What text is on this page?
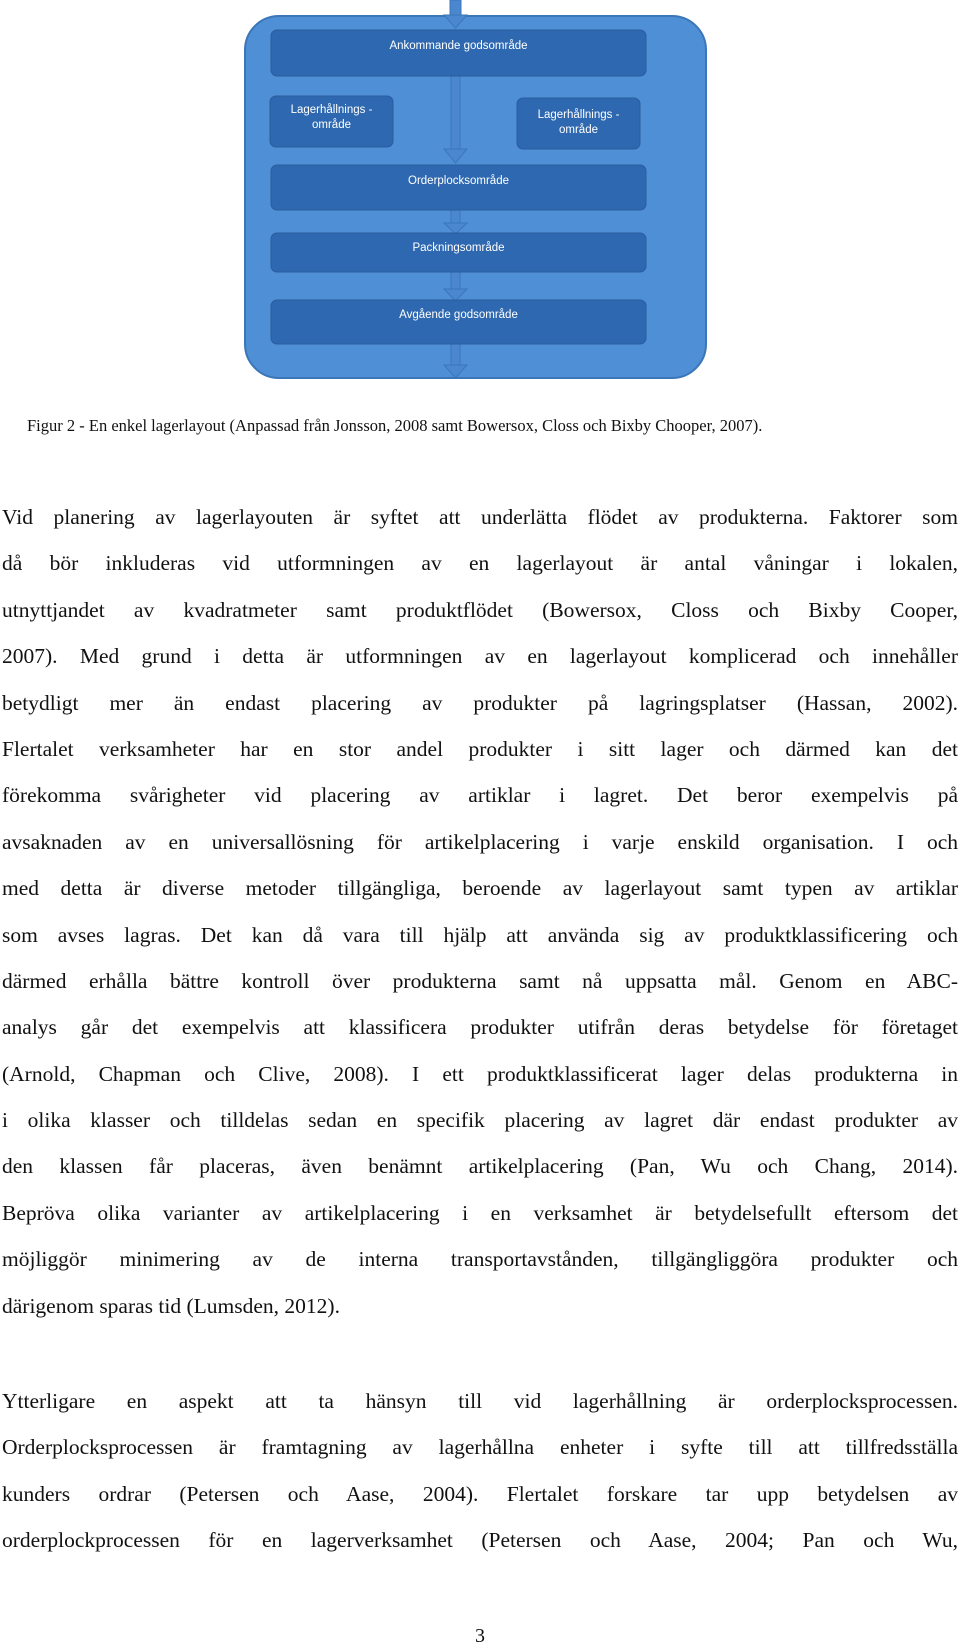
Ankommande godsområde
Lagerhållnings -
område
Lagerhållnings -
område
Orderplocksområde
Packningsområde
Avgående godsområde
Figur 2 - En enkel lagerlayout (Anpassad från Jonsson, 2008 samt Bowersox, Closs och Bixby Chooper, 2007).
Vid planering av lagerlayouten är syftet att underlätta flödet av produkterna. Faktorer som
då bör inkluderas vid utformningen av en lagerlayout är antal våningar i lokalen,
utnyttjandet av kvadratmeter samt produktflödet (Bowersox, Closs och Bixby Cooper,
2007). Med grund i detta är utformningen av en lagerlayout komplicerad och innehåller
betydligt mer än endast placering av produkter på lagringsplatser (Hassan, 2002).
Flertalet verksamheter har en stor andel produkter i sitt lager och därmed kan det
förekomma svårigheter vid placering av artiklar i lagret. Det beror exempelvis på
avsaknaden av en universallösning för artikelplacering i varje enskild organisation. I och
med detta är diverse metoder tillgängliga, beroende av lagerlayout samt typen av artiklar
som avses lagras. Det kan då vara till hjälp att använda sig av produktklassificering och
därmed erhålla bättre kontroll över produkterna samt nå uppsatta mål. Genom en ABC-
analys går det exempelvis att klassificera produkter utifrån deras betydelse för företaget
(Arnold, Chapman och Clive, 2008). I ett produktklassificerat lager delas produkterna in
i olika klasser och tilldelas sedan en specifik placering av lagret där endast produkter av
den klassen får placeras, även benämnt artikelplacering (Pan, Wu och Chang, 2014).
Bepröva olika varianter av artikelplacering i en verksamhet är betydelsefullt eftersom det
möjliggör minimering av de interna transportavstånden, tillgängliggöra produkter och
därigenom sparas tid (Lumsden, 2012).
Ytterligare en aspekt att ta hänsyn till vid lagerhållning är orderplocksprocessen.
Orderplocksprocessen är framtagning av lagerhållna enheter i syfte till att tillfredsställa
kunders ordrar (Petersen och Aase, 2004). Flertalet forskare tar upp betydelsen av
orderplockprocessen för en lagerverksamhet (Petersen och Aase, 2004; Pan och Wu,
3
